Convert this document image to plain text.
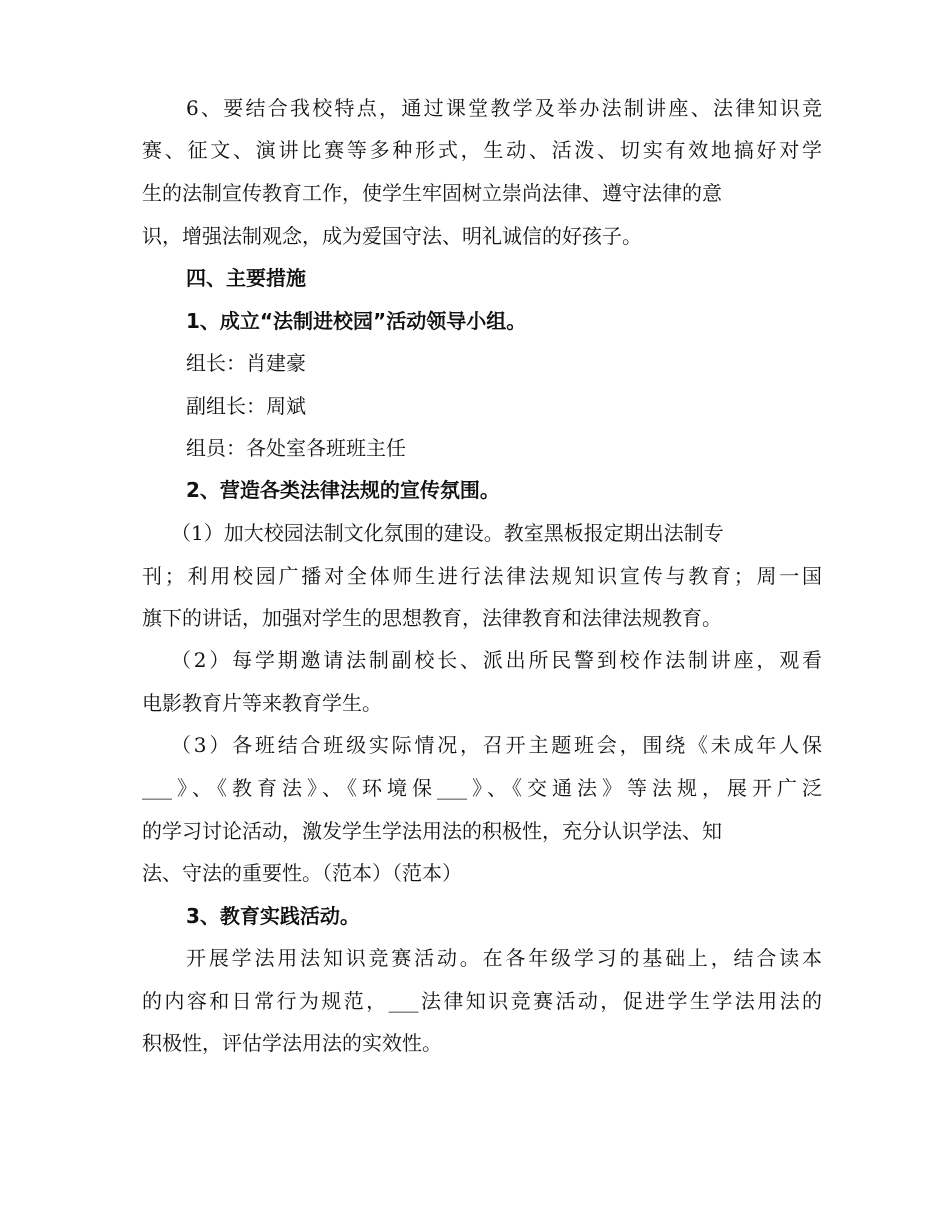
6、要结合我校特点，通过课堂教学及举办法制讲座、法律知识竞
赛、征文、演讲比赛等多种形式，生动、活泼、切实有效地搞好对学
生的法制宣传教育工作，使学生牢固树立崇尚法律、遵守法律的意
识，增强法制观念，成为爱国守法、明礼诚信的好孩子。
四、主要措施
1、成立“法制进校园”活动领导小组。
组长：肖建豪
副组长：周斌
组员：各处室各班班主任
2、营造各类法律法规的宣传氛围。
（1）加大校园法制文化氛围的建设。教室黑板报定期出法制专
刊；利用校园广播对全体师生进行法律法规知识宣传与教育；周一国
旗下的讲话，加强对学生的思想教育，法律教育和法律法规教育。
（2）每学期邀请法制副校长、派出所民警到校作法制讲座，观看
电影教育片等来教育学生。
（3）各班结合班级实际情况，召开主题班会，围绕《未成年人保
___》、《教育法》、《环境保___》、《交通法》等法规，展开广泛
的学习讨论活动，激发学生学法用法的积极性，充分认识学法、知
法、守法的重要性。（范本）（范本）
3、教育实践活动。
开展学法用法知识竞赛活动。在各年级学习的基础上，结合读本
的内容和日常行为规范，___法律知识竞赛活动，促进学生学法用法的
积极性，评估学法用法的实效性。
